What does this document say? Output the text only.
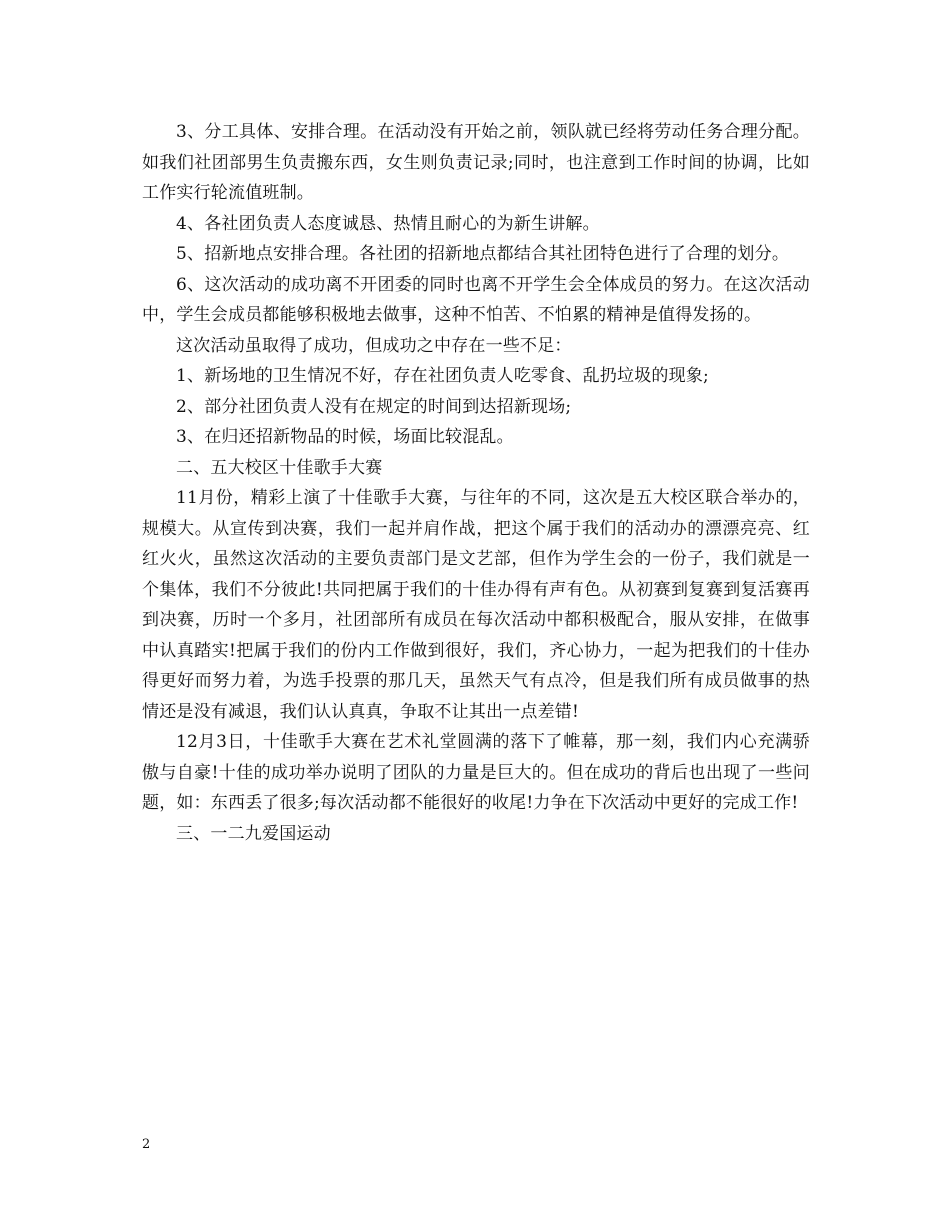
3、分工具体、安排合理。在活动没有开始之前，领队就已经将劳动任务合理分配。如我们社团部男生负责搬东西，女生则负责记录;同时，也注意到工作时间的协调，比如工作实行轮流值班制。

4、各社团负责人态度诚恳、热情且耐心的为新生讲解。

5、招新地点安排合理。各社团的招新地点都结合其社团特色进行了合理的划分。

6、这次活动的成功离不开团委的同时也离不开学生会全体成员的努力。在这次活动中，学生会成员都能够积极地去做事，这种不怕苦、不怕累的精神是值得发扬的。

这次活动虽取得了成功，但成功之中存在一些不足：

1、新场地的卫生情况不好，存在社团负责人吃零食、乱扔垃圾的现象;

2、部分社团负责人没有在规定的时间到达招新现场;

3、在归还招新物品的时候，场面比较混乱。

二、五大校区十佳歌手大赛

11月份，精彩上演了十佳歌手大赛，与往年的不同，这次是五大校区联合举办的，规模大。从宣传到决赛，我们一起并肩作战，把这个属于我们的活动办的漂漂亮亮、红红火火，虽然这次活动的主要负责部门是文艺部，但作为学生会的一份子，我们就是一个集体，我们不分彼此!共同把属于我们的十佳办得有声有色。从初赛到复赛到复活赛再到决赛，历时一个多月，社团部所有成员在每次活动中都积极配合，服从安排，在做事中认真踏实!把属于我们的份内工作做到很好，我们，齐心协力，一起为把我们的十佳办得更好而努力着，为选手投票的那几天，虽然天气有点冷，但是我们所有成员做事的热情还是没有减退，我们认认真真，争取不让其出一点差错!

12月3日，十佳歌手大赛在艺术礼堂圆满的落下了帷幕，那一刻，我们内心充满骄傲与自豪!十佳的成功举办说明了团队的力量是巨大的。但在成功的背后也出现了一些问题，如：东西丢了很多;每次活动都不能很好的收尾!力争在下次活动中更好的完成工作!

三、一二九爱国运动

2
